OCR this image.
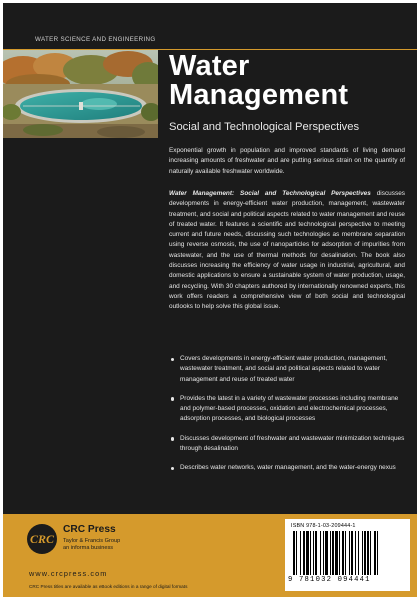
WATER SCIENCE AND ENGINEERING
Water
Management
Social and Technological Perspectives

Exponential growth in population and improved standards of living demand increasing amounts of freshwater and are putting serious strain on the quantity of naturally available freshwater worldwide.

Water Management: Social and Technological Perspectives discusses developments in energy-efficient water production, management, wastewater treatment, and social and political aspects related to water management and reuse of treated water. It features a scientific and technological perspective to meeting current and future needs, discussing such technologies as membrane separation using reverse osmosis, the use of nanoparticles for adsorption of impurities from wastewater, and the use of thermal methods for desalination. The book also discusses increasing the efficiency of water usage in industrial, agricultural, and domestic applications to ensure a sustainable system of water production, usage, and recycling. With 30 chapters authored by internationally renowned experts, this work offers readers a comprehensive view of both social and technological outlooks to help solve this global issue.

Covers developments in energy-efficient water production, management, wastewater treatment, and social and political aspects related to water management and reuse of treated water
Provides the latest in a variety of wastewater processes including membrane and polymer-based processes, oxidation and electrochemical processes, adsorption processes, and biological processes
Discusses development of freshwater and wastewater minimization techniques through desalination
Describes water networks, water management, and the water-energy nexus
CRC
CRC Press
Taylor & Francis Group
an informa business
www.crcpress.com
CRC Press titles are available as eBook editions in a range of digital formats
ISBN 978-1-03-209444-1
9 781032 094441
